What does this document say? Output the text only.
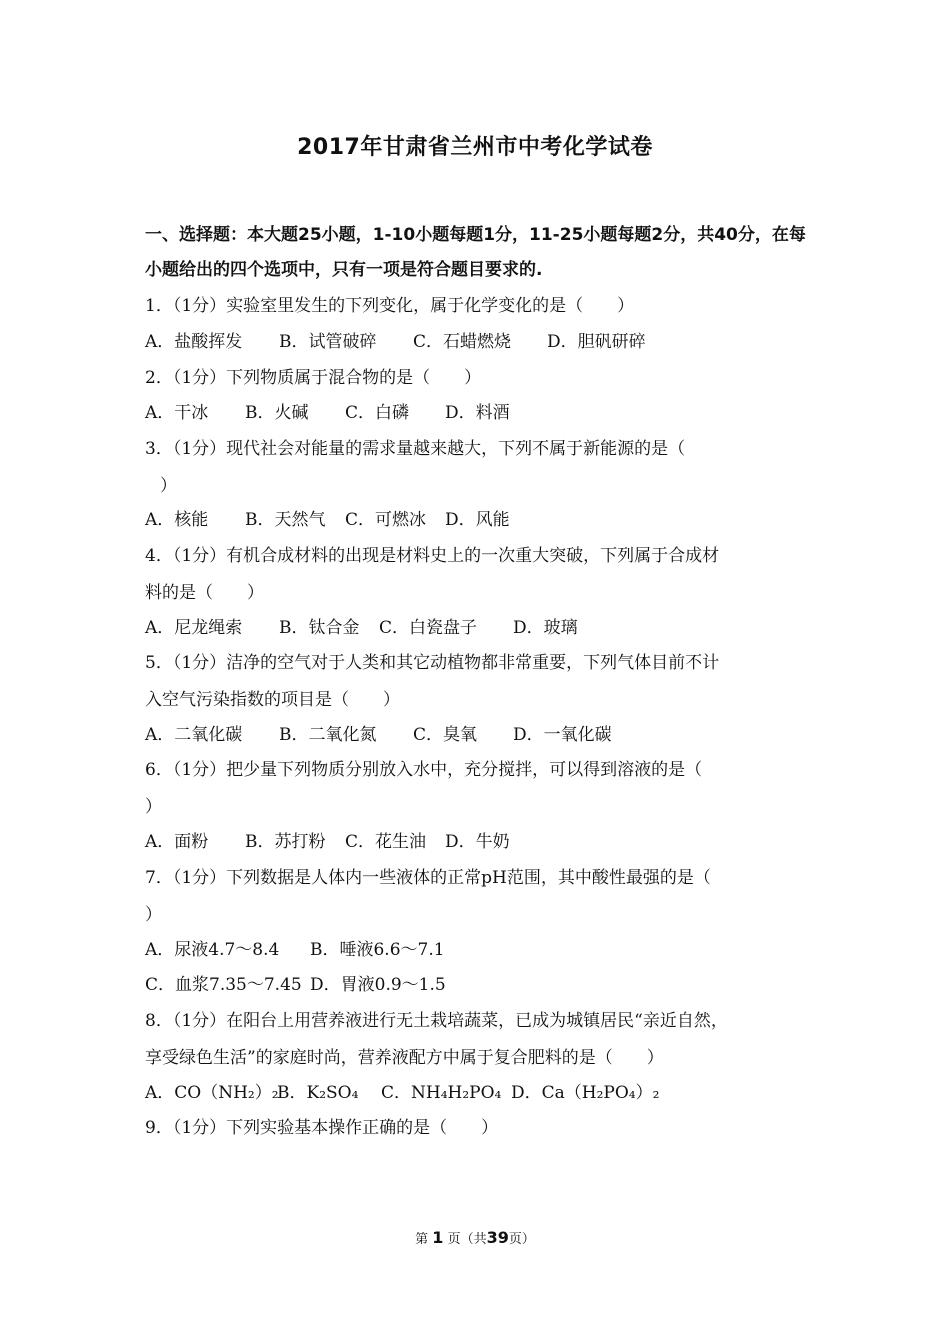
2017年甘肃省兰州市中考化学试卷
一、选择题：本大题25小题，1-10小题每题1分，11-25小题每题2分，共40分，在每小题给出的四个选项中，只有一项是符合题目要求的.
1．（1分）实验室里发生的下列变化，属于化学变化的是（　　）
A．盐酸挥发 B．试管破碎 C．石蜡燃烧 D．胆矾研碎
2．（1分）下列物质属于混合物的是（　　）
A．干冰 B．火碱 C．白磷 D．料酒
3．（1分）现代社会对能量的需求量越来越大，下列不属于新能源的是（
）
A．核能 B．天然气 C．可燃冰 D．风能
4．（1分）有机合成材料的出现是材料史上的一次重大突破，下列属于合成材
料的是（　　）
A．尼龙绳索 B．钛合金 C．白瓷盘子 D．玻璃
5．（1分）洁净的空气对于人类和其它动植物都非常重要，下列气体目前不计
入空气污染指数的项目是（　　）
A．二氧化碳 B．二氧化氮 C．臭氧 D．一氧化碳
6．（1分）把少量下列物质分别放入水中，充分搅拌，可以得到溶液的是（
）
A．面粉 B．苏打粉 C．花生油 D．牛奶
7．（1分）下列数据是人体内一些液体的正常pH范围，其中酸性最强的是（
）
A．尿液4.7～8.4 B．唾液6.6～7.1
C．血浆7.35～7.45 D．胃液0.9～1.5
8．（1分）在阳台上用营养液进行无土栽培蔬菜，已成为城镇居民“亲近自然，
享受绿色生活”的家庭时尚，营养液配方中属于复合肥料的是（　　）
A．CO（NH₂）₂B．K₂SO₄ C．NH₄H₂PO₄ D．Ca（H₂PO₄）₂
9．（1分）下列实验基本操作正确的是（　　）
第 1 页（共39页）
